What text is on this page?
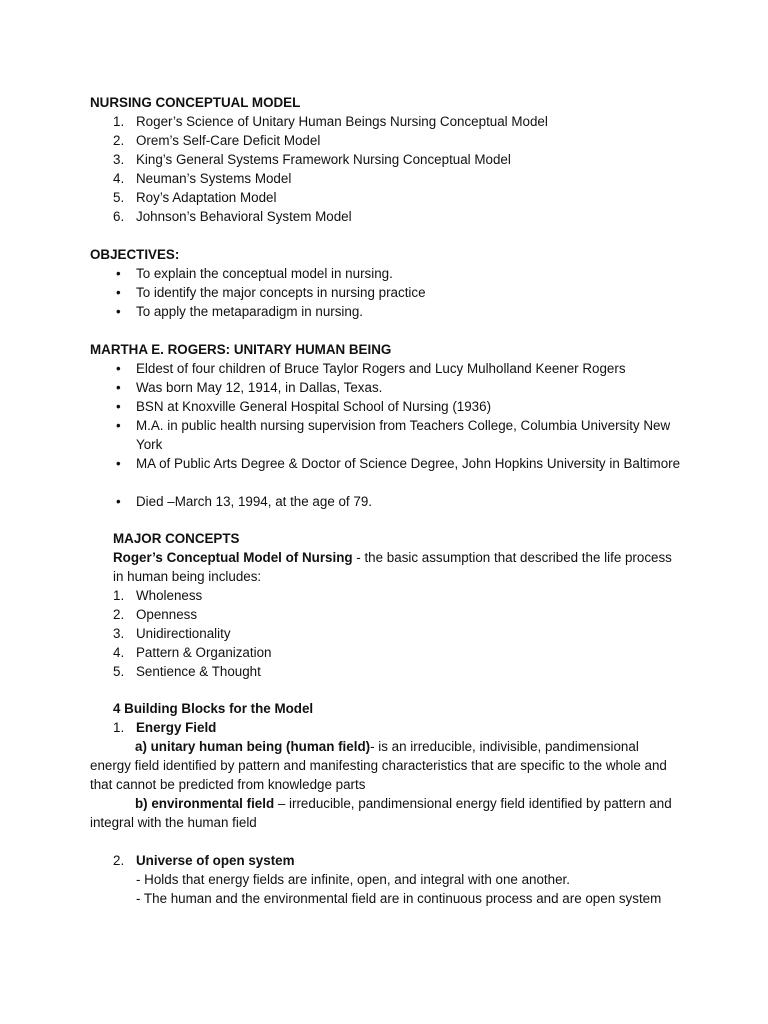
NURSING CONCEPTUAL MODEL
1. Roger’s Science of Unitary Human Beings Nursing Conceptual Model
2. Orem’s Self-Care Deficit Model
3. King’s General Systems Framework Nursing Conceptual Model
4. Neuman’s Systems Model
5. Roy’s Adaptation Model
6. Johnson’s Behavioral System Model
OBJECTIVES:
• To explain the conceptual model in nursing.
• To identify the major concepts in nursing practice
• To apply the metaparadigm in nursing.
MARTHA E. ROGERS: UNITARY HUMAN BEING
• Eldest of four children of Bruce Taylor Rogers and Lucy Mulholland Keener Rogers
• Was born May 12, 1914, in Dallas, Texas.
• BSN at Knoxville General Hospital School of Nursing (1936)
• M.A. in public health nursing supervision from Teachers College, Columbia University New York
• MA of Public Arts Degree & Doctor of Science Degree, John Hopkins University in Baltimore
• Died –March 13, 1994, at the age of 79.
MAJOR CONCEPTS
Roger’s Conceptual Model of Nursing - the basic assumption that described the life process in human being includes:
1. Wholeness
2. Openness
3. Unidirectionality
4. Pattern & Organization
5. Sentience & Thought
4 Building Blocks for the Model
1. Energy Field
a) unitary human being (human field)- is an irreducible, indivisible, pandimensional energy field identified by pattern and manifesting characteristics that are specific to the whole and that cannot be predicted from knowledge parts
b) environmental field – irreducible, pandimensional energy field identified by pattern and integral with the human field
2. Universe of open system
- Holds that energy fields are infinite, open, and integral with one another.
- The human and the environmental field are in continuous process and are open system
